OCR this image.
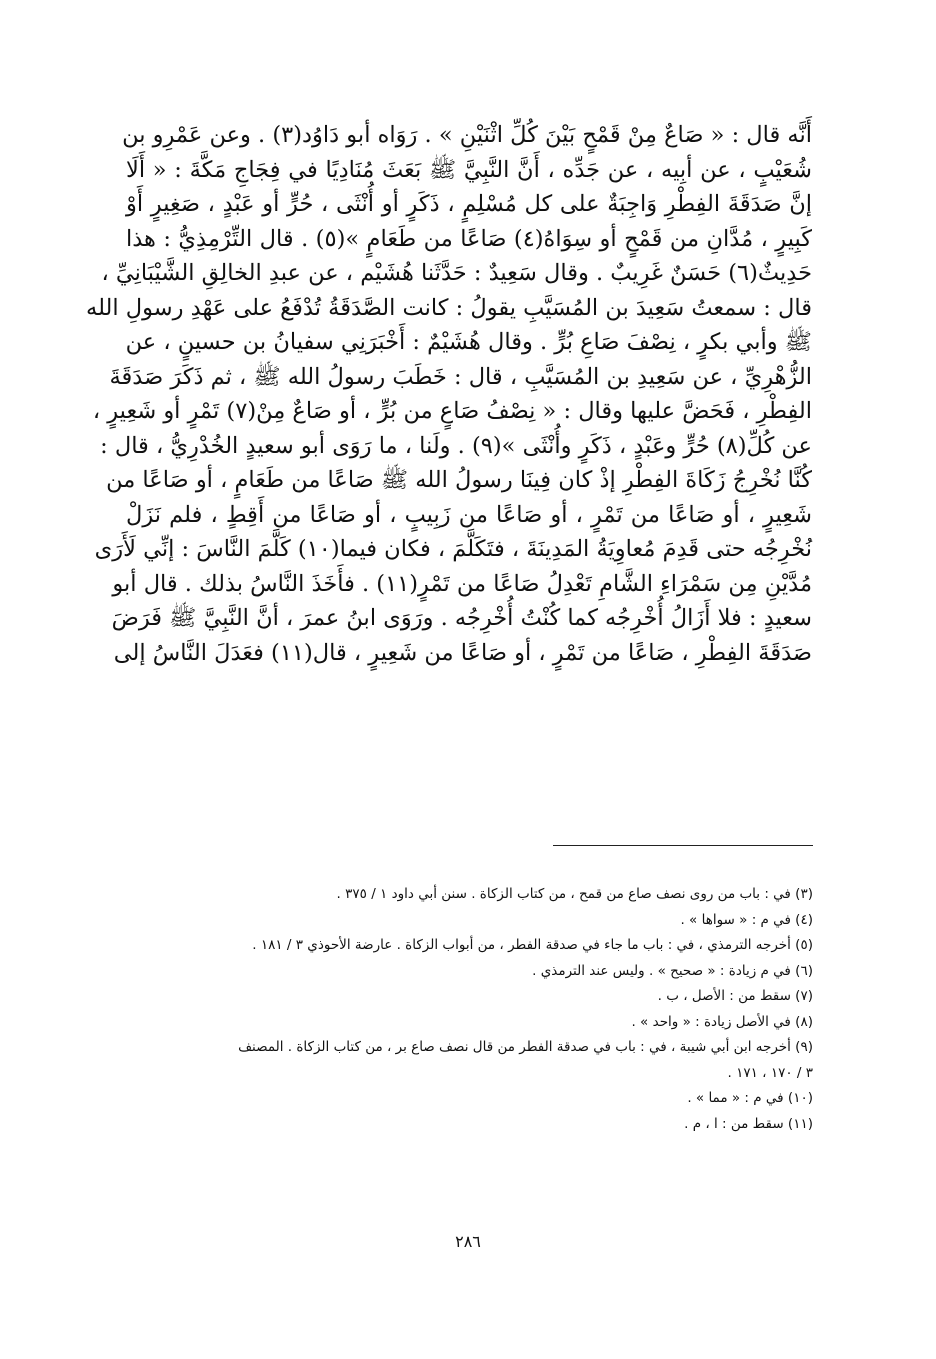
أَنَّه قال : « صَاعٌ مِنْ قَمْحٍ بَيْنَ كُلِّ اثْنَيْنِ » . رَوَاه أبو دَاوُد(٣) . وعن عَمْرِو بن
شُعَيْبٍ ، عن أبِيه ، عن جَدِّه ، أَنَّ النَّبِيَّ ﷺ بَعَثَ مُنَادِيًا في فِجَاجِ مَكَّةَ : « أَلَا
إنَّ صَدَقَةَ الفِطْرِ وَاجِبَةٌ على كل مُسْلِمٍ ، ذَكَرٍ أو أُنْثَى ، حُرٍّ أو عَبْدٍ ، صَغِيرٍ أَوْ
كَبِيرٍ ، مُدَّانِ من قَمْحٍ أو سِوَاهُ(٤) صَاعًا من طَعَامٍ »(٥) . قال التِّرْمِذِيُّ : هذا
حَدِيثٌ(٦) حَسَنٌ غَرِيبٌ . وقال سَعِيدٌ : حَدَّثَنا هُشَيْم ، عن عبدِ الخالِقِ الشَّيْبَانِيِّ ،
قال : سمعتُ سَعِيدَ بن المُسَيَّبِ يقولُ : كانت الصَّدَقَةُ تُدْفَعُ على عَهْدِ رسولِ الله
ﷺ وأبي بكرٍ ، نِصْفَ صَاعِ بُرٍّ . وقال هُشَيْمٌ : أَخْبَرَنِي سفيانُ بن حسينٍ ، عن
الزُّهْرِيِّ ، عن سَعِيدِ بن المُسَيَّبِ ، قال : خَطَبَ رسولُ الله ﷺ ، ثم ذَكَرَ صَدَقَةَ
الفِطْرِ ، فَحَضَّ عليها وقال : « نِصْفُ صَاعٍ من بُرٍّ ، أو صَاعٌ مِنْ(٧) تَمْرٍ أو شَعِيرٍ ،
عن كُلِّ(٨) حُرٍّ وعَبْدٍ ، ذَكَرٍ وأُنْثَى »(٩) . ولَنا ، ما رَوَى أبو سعيدٍ الخُدْرِيُّ ، قال :
كُنَّا نُخْرِجُ زَكَاةَ الفِطْرِ إذْ كان فِينَا رسولُ الله ﷺ صَاعًا من طَعَامٍ ، أو صَاعًا من
شَعِيرٍ ، أو صَاعًا من تَمْرٍ ، أو صَاعًا من زَبِيبٍ ، أو صَاعًا من أَقِطٍ ، فلم نَزَلْ
نُخْرِجُه حتى قَدِمَ مُعاوِيَةُ المَدِينَةَ ، فتَكَلَّمَ ، فكان فيما(١٠) كَلَّمَ النَّاسَ : إنِّي لَأَرَى
مُدَّيْنِ مِن سَمْرَاءِ الشَّامِ تَعْدِلُ صَاعًا من تَمْرٍ(١١) . فأَخَذَ النَّاسُ بذلك . قال أبو
سعيدٍ : فلا أَزَالُ أُخْرِجُه كما كُنْتُ أُخْرِجُه . ورَوَى ابنُ عمرَ ، أنَّ النَّبِيَّ ﷺ فَرَضَ
صَدَقَةَ الفِطْرِ ، صَاعًا من تَمْرٍ ، أو صَاعًا من شَعِيرٍ ، قال(١١) فعَدَلَ النَّاسُ إلى
(٣) في : باب من روى نصف صاع من قمح ، من كتاب الزكاة . سنن أبي داود ١ / ٣٧٥ .
(٤) في م : « سواها » .
(٥) أخرجه الترمذي ، في : باب ما جاء في صدقة الفطر ، من أبواب الزكاة . عارضة الأحوذي ٣ / ١٨١ .
(٦) في م زيادة : « صحيح » . وليس عند الترمذي .
(٧) سقط من : الأصل ، ب .
(٨) في الأصل زيادة : « واحد » .
(٩) أخرجه ابن أبي شيبة ، في : باب في صدقة الفطر من قال نصف صاع بر ، من كتاب الزكاة . المصنف
٣ / ١٧٠ ، ١٧١ .
(١٠) في م : « مما » .
(١١) سقط من : ا ، م .
٢٨٦
